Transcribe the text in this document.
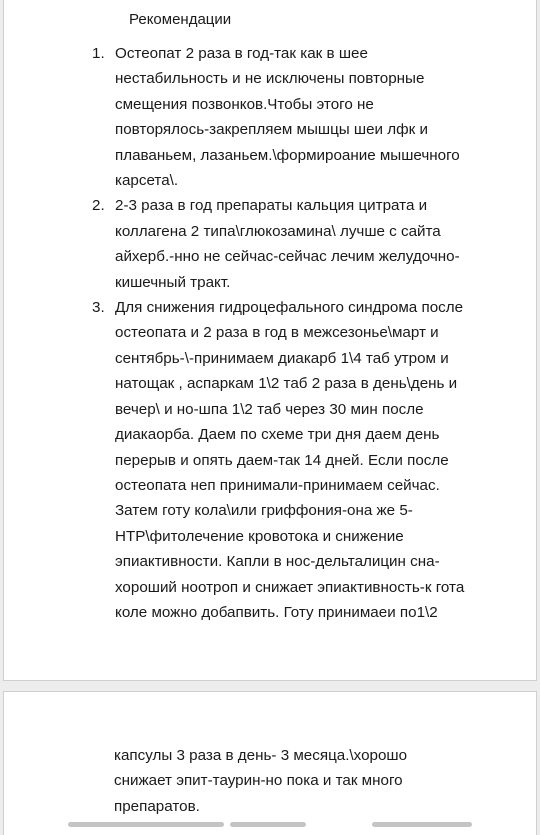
Рекомендации
1. Остеопат 2 раза в год-так как в шее
нестабильность и не исключены повторные
смещения позвонков.Чтобы этого не
повторялось-закрепляем мышцы шеи лфк и
плаваньем, лазаньем.\формироание мышечного
карсета\.
2. 2-3 раза в год препараты кальция цитрата и
коллагена 2 типа\глюкозамина\ лучше с сайта
айхерб.-нно не сейчас-сейчас лечим желудочно-
кишечный тракт.
3. Для снижения гидроцефального синдрома после
остеопата и 2 раза в год в межсезонье\март и
сентябрь-\-принимаем диакарб 1\4 таб утром и
натощак , аспаркам 1\2 таб 2 раза в день\день и
вечер\ и но-шпа 1\2 таб через 30 мин после
диакаорба. Даем по схеме три дня даем день
перерыв и опять даем-так 14 дней. Если после
остеопата неп принимали-принимаем сейчас.
Затем готу кола\или гриффония-она же 5-
НТР\фитолечение кровотока и снижение
эпиактивности. Капли в нос-дельталицин сна-
хороший ноотроп и снижает эпиактивность-к гота
коле можно добапвить. Готу принимаеи по1\2

капсулы 3 раза в день- 3 месяца.\хорошо
снижает эпит-таурин-но пока и так много
препаратов.
